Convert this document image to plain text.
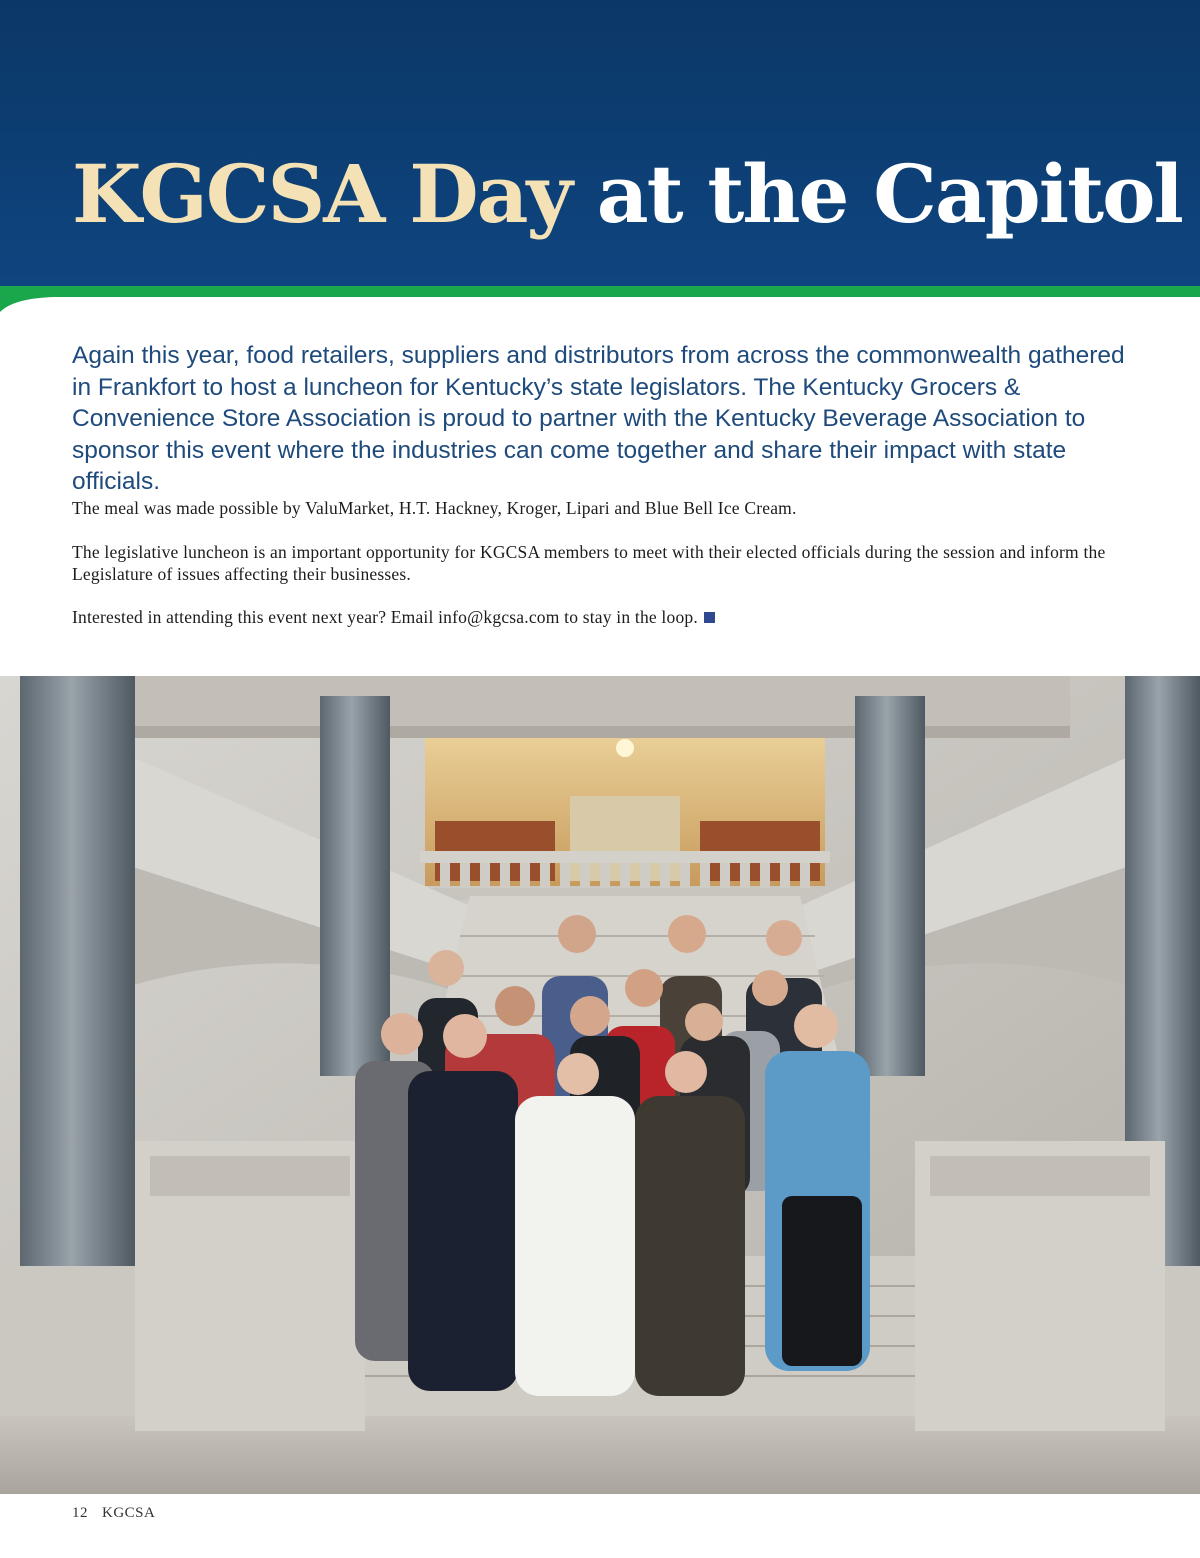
KGCSA Day at the Capitol

Again this year, food retailers, suppliers and distributors from across the commonwealth gathered in Frankfort to host a luncheon for Kentucky’s state legislators. The Kentucky Grocers & Convenience Store Association is proud to partner with the Kentucky Beverage Association to sponsor this event where the industries can come together and share their impact with state officials.

The meal was made possible by ValuMarket, H.T. Hackney, Kroger, Lipari and Blue Bell Ice Cream.

The legislative luncheon is an important opportunity for KGCSA members to meet with their elected officials during the session and inform the Legislature of issues affecting their businesses.

Interested in attending this event next year? Email info@kgcsa.com to stay in the loop.

12 KGCSA
